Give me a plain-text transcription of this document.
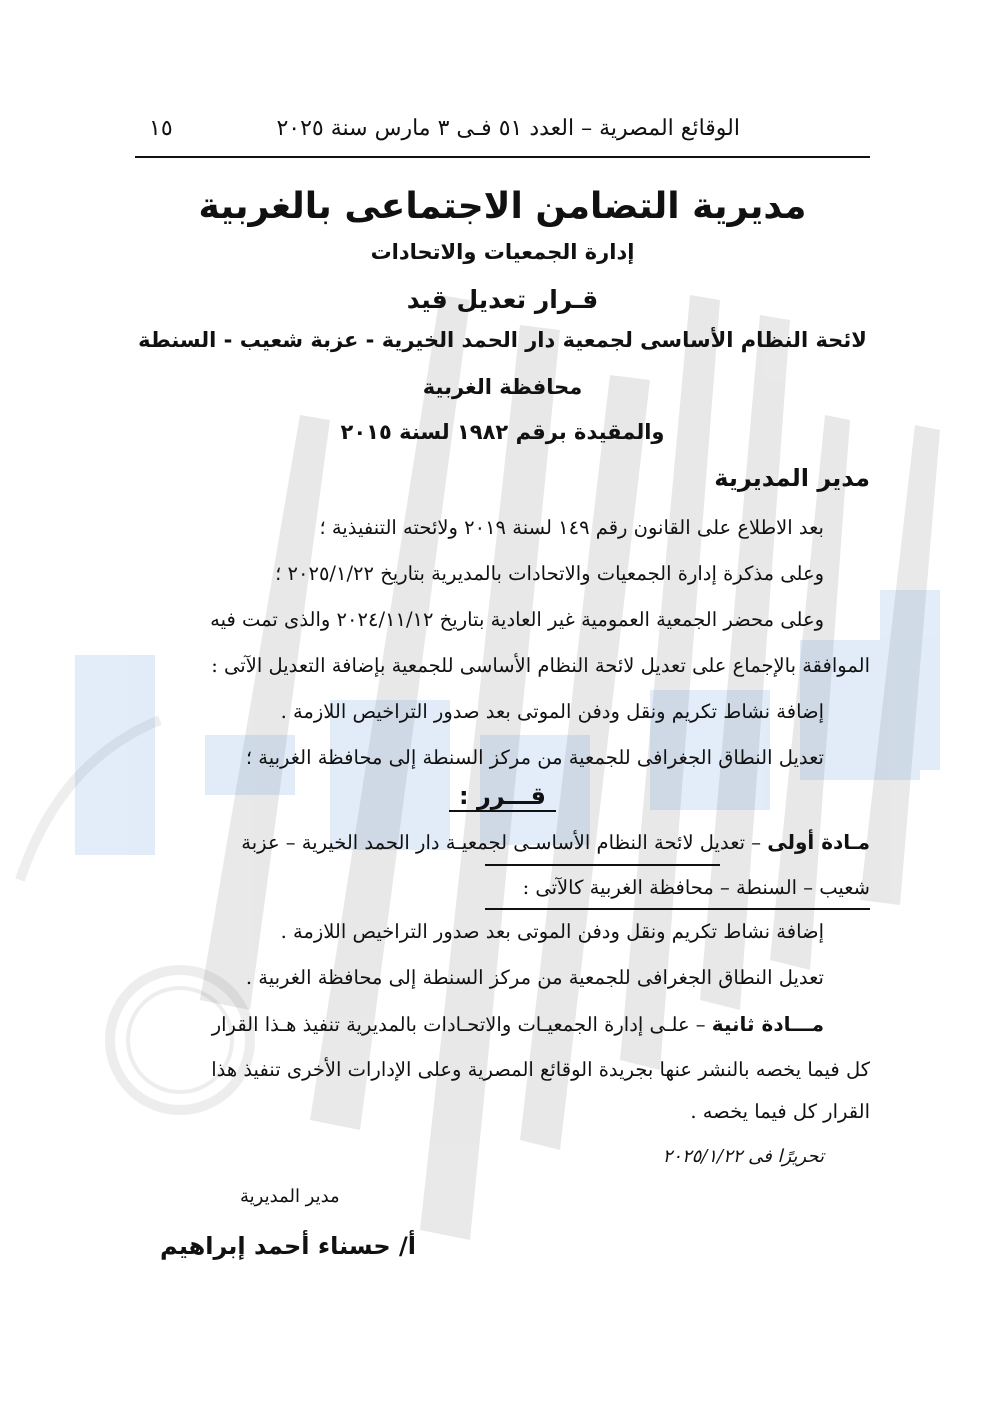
الوقائع المصرية – العدد ٥١ فـى ٣ مارس سنة ٢٠٢٥
١٥
مديرية التضامن الاجتماعى بالغربية
إدارة الجمعيات والاتحادات
قـرار تعديل قيد
لائحة النظام الأساسى لجمعية دار الحمد الخيرية - عزبة شعيب - السنطة
محافظة الغربية
والمقيدة برقم ١٩٨٢ لسنة ٢٠١٥
مدير المديرية
بعد الاطلاع على القانون رقم ١٤٩ لسنة ٢٠١٩ ولائحته التنفيذية ؛
وعلى مذكرة إدارة الجمعيات والاتحادات بالمديرية بتاريخ ٢٠٢٥/١/٢٢ ؛
وعلى محضر الجمعية العمومية غير العادية بتاريخ ٢٠٢٤/١١/١٢ والذى تمت فيه
الموافقة بالإجماع على تعديل لائحة النظام الأساسى للجمعية بإضافة التعديل الآتى :
إضافة نشاط تكريم ونقل ودفن الموتى بعد صدور التراخيص اللازمة .
تعديل النطاق الجغرافى للجمعية من مركز السنطة إلى محافظة الغربية ؛
قـــرر :
مـادة أولى – تعديل لائحة النظام الأساسـى لجمعيـة دار الحمد الخيرية – عزبة
شعيب – السنطة – محافظة الغربية كالآتى :
إضافة نشاط تكريم ونقل ودفن الموتى بعد صدور التراخيص اللازمة .
تعديل النطاق الجغرافى للجمعية من مركز السنطة إلى محافظة الغربية .
مـــادة ثانية – علـى إدارة الجمعيـات والاتحـادات بالمديرية تنفيذ هـذا القرار
كل فيما يخصه بالنشر عنها بجريدة الوقائع المصرية وعلى الإدارات الأخرى تنفيذ هذا
القرار كل فيما يخصه .
تحريرًا فى ٢٠٢٥/١/٢٢
مدير المديرية
أ/ حسناء أحمد إبراهيم
